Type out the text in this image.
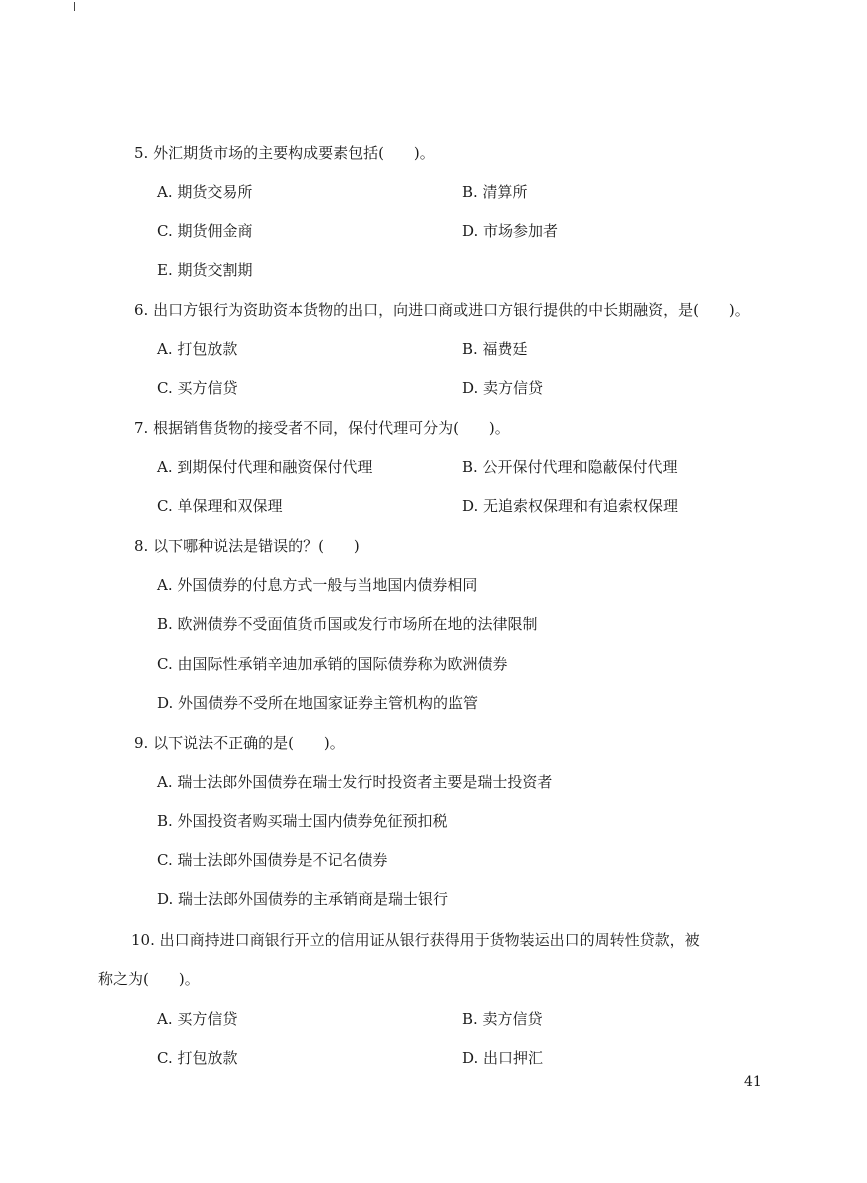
5. 外汇期货市场的主要构成要素包括(　　)。
A. 期货交易所	B. 清算所
C. 期货佣金商	D. 市场参加者
E. 期货交割期
6. 出口方银行为资助资本货物的出口，向进口商或进口方银行提供的中长期融资，是(　　)。
A. 打包放款	B. 福费廷
C. 买方信贷	D. 卖方信贷
7. 根据销售货物的接受者不同，保付代理可分为(　　)。
A. 到期保付代理和融资保付代理	B. 公开保付代理和隐蔽保付代理
C. 单保理和双保理	D. 无追索权保理和有追索权保理
8. 以下哪种说法是错误的？(　　)
A. 外国债券的付息方式一般与当地国内债券相同
B. 欧洲债券不受面值货币国或发行市场所在地的法律限制
C. 由国际性承销辛迪加承销的国际债券称为欧洲债券
D. 外国债券不受所在地国家证券主管机构的监管
9. 以下说法不正确的是(　　)。
A. 瑞士法郎外国债券在瑞士发行时投资者主要是瑞士投资者
B. 外国投资者购买瑞士国内债券免征预扣税
C. 瑞士法郎外国债券是不记名债券
D. 瑞士法郎外国债券的主承销商是瑞士银行
10. 出口商持进口商银行开立的信用证从银行获得用于货物装运出口的周转性贷款，被
称之为(　　)。
A. 买方信贷	B. 卖方信贷
C. 打包放款	D. 出口押汇
41
